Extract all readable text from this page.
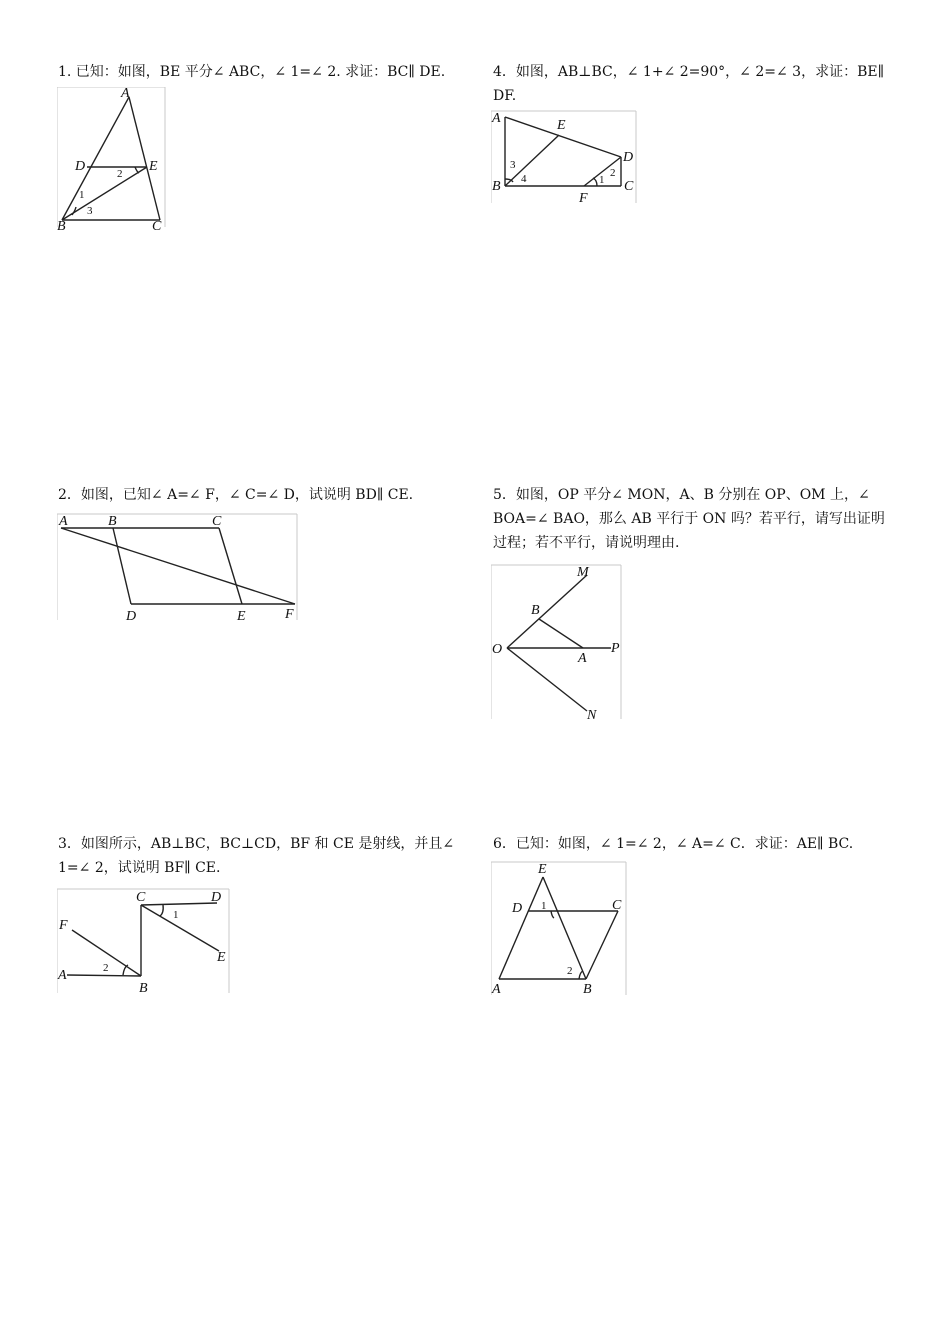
1. 已知：如图，BE 平分∠ ABC，∠ 1=∠ 2. 求证：BC∥ DE.
A
D	E
B	C
1
2
3
2．如图，已知∠ A=∠ F，∠ C=∠ D，试说明 BD∥ CE.
A	B	C
D	E	F
3．如图所示，AB⊥BC，BC⊥CD，BF 和 CE 是射线，并且∠ 1=∠ 2，试说明 BF∥ CE.
A
B
C	D
E
F
1
2
4．如图，AB⊥BC，∠ 1+∠ 2=90°，∠ 2=∠ 3，求证：BE∥ DF.
A	E
D
B	C
F
3
4	1
2
5．如图，OP 平分∠ MON，A、B 分别在 OP、OM 上，∠ BOA=∠ BAO，那么 AB 平行于 ON 吗？若平行，请写出证明过程；若不平行，请说明理由.
M
B
O
A
P
N
6．已知：如图，∠ 1=∠ 2，∠ A=∠ C．求证：AE∥ BC.
E
D	C
A	B
1
2
